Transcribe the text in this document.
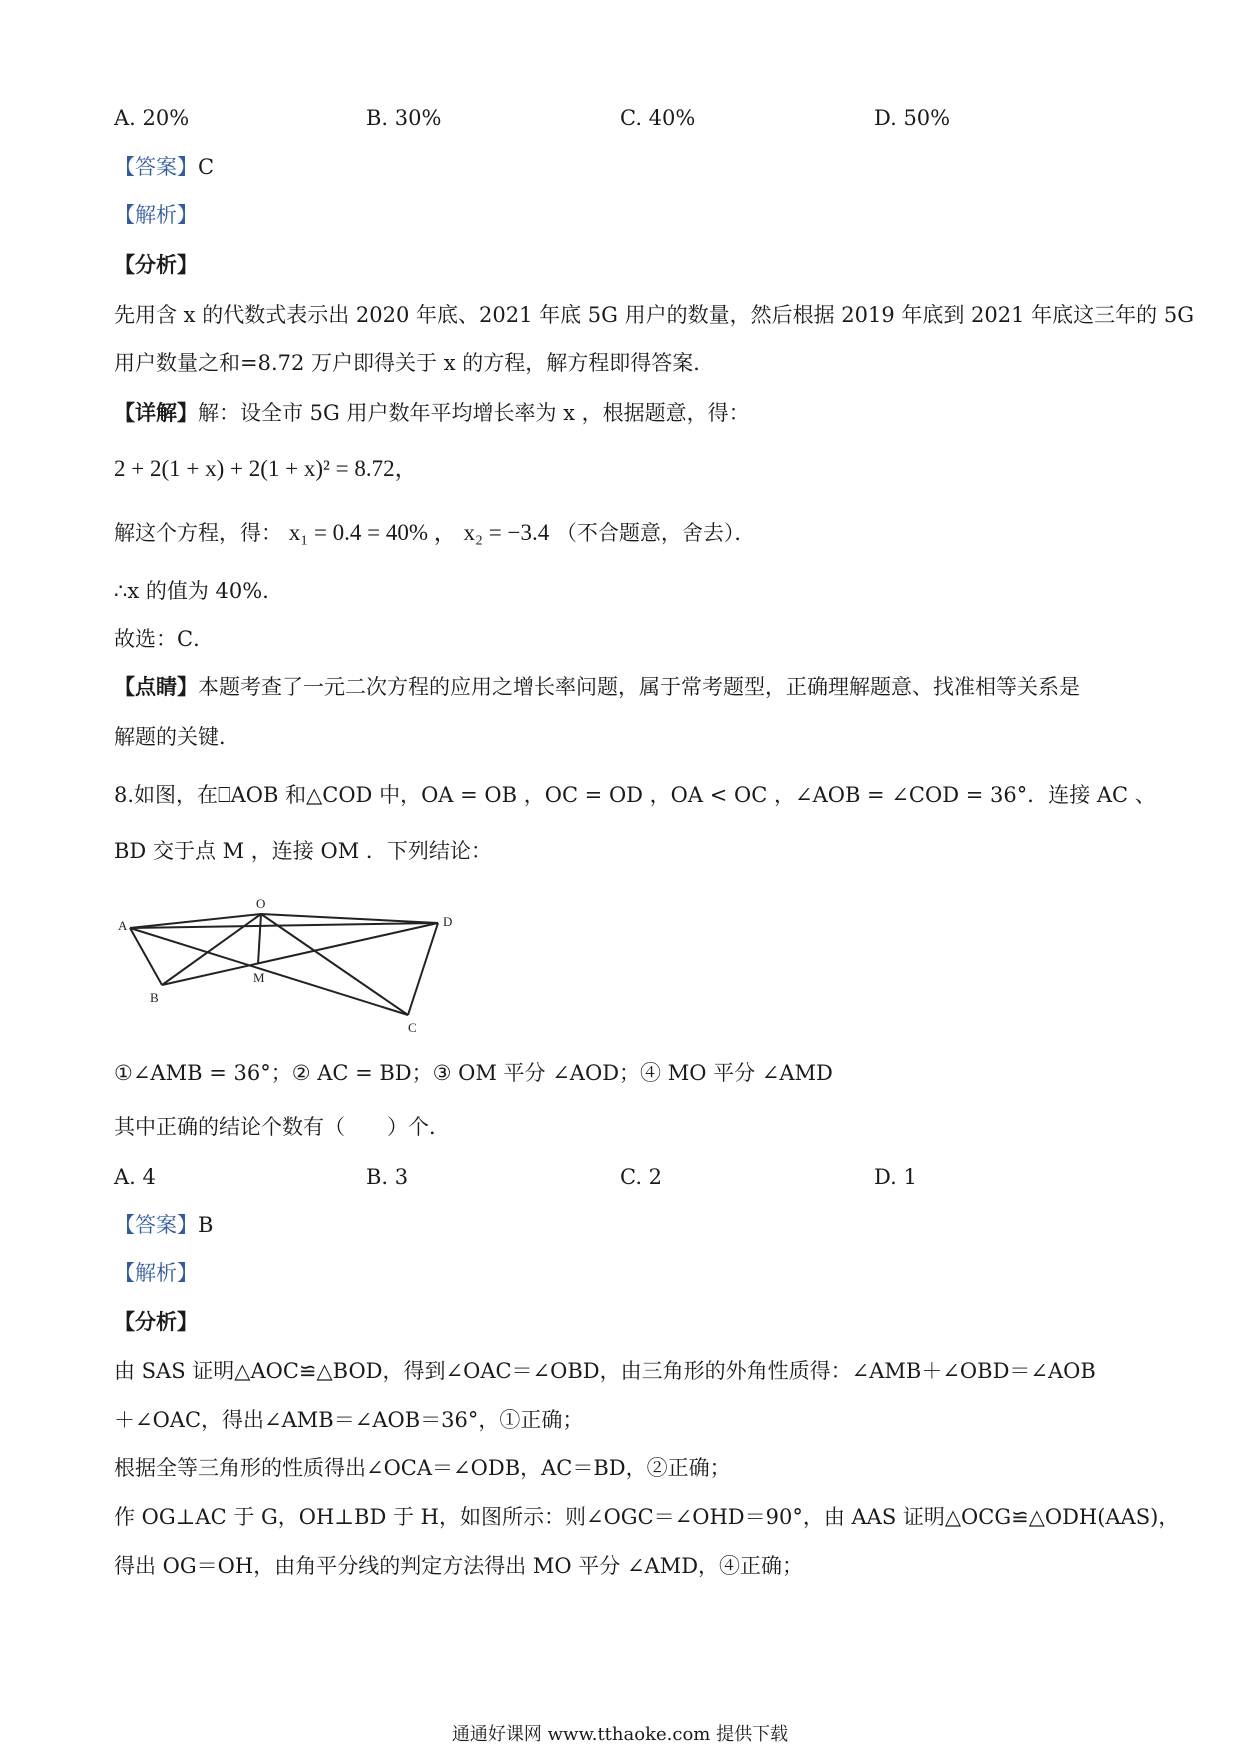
A. 20%	B. 30%	C. 40%	D. 50%
【答案】C
【解析】
【分析】
先用含 x 的代数式表示出 2020 年底、2021 年底 5G 用户的数量，然后根据 2019 年底到 2021 年底这三年的 5G
用户数量之和=8.72 万户即得关于 x 的方程，解方程即得答案．
【详解】解：设全市 5G 用户数年平均增长率为 x ，根据题意，得：
2 + 2(1 + x) + 2(1 + x)² = 8.72，
解这个方程，得： x₁ = 0.4 = 40% ， x₂ = −3.4 （不合题意，舍去）．
∴x 的值为 40%．
故选：C．
【点睛】本题考查了一元二次方程的应用之增长率问题，属于常考题型，正确理解题意、找准相等关系是
解题的关键．
8.如图，在⎕AOB 和△COD 中，OA = OB ，OC = OD ，OA < OC ，∠AOB = ∠COD = 36°．连接 AC 、
BD 交于点 M ，连接 OM ．下列结论：
O
A	D
M
B
C
①∠AMB = 36°；② AC = BD；③ OM 平分 ∠AOD；④ MO 平分 ∠AMD
其中正确的结论个数有（　　）个．
A. 4	B. 3	C. 2	D. 1
【答案】B
【解析】
【分析】
由 SAS 证明△AOC≌△BOD，得到∠OAC＝∠OBD，由三角形的外角性质得：∠AMB＋∠OBD＝∠AOB
＋∠OAC，得出∠AMB＝∠AOB＝36°，①正确；
根据全等三角形的性质得出∠OCA＝∠ODB，AC＝BD，②正确；
作 OG⊥AC 于 G，OH⊥BD 于 H，如图所示：则∠OGC＝∠OHD＝90°，由 AAS 证明△OCG≌△ODH(AAS)，
得出 OG＝OH，由角平分线的判定方法得出 MO 平分 ∠AMD，④正确；
通通好课网 www.tthaoke.com 提供下载
